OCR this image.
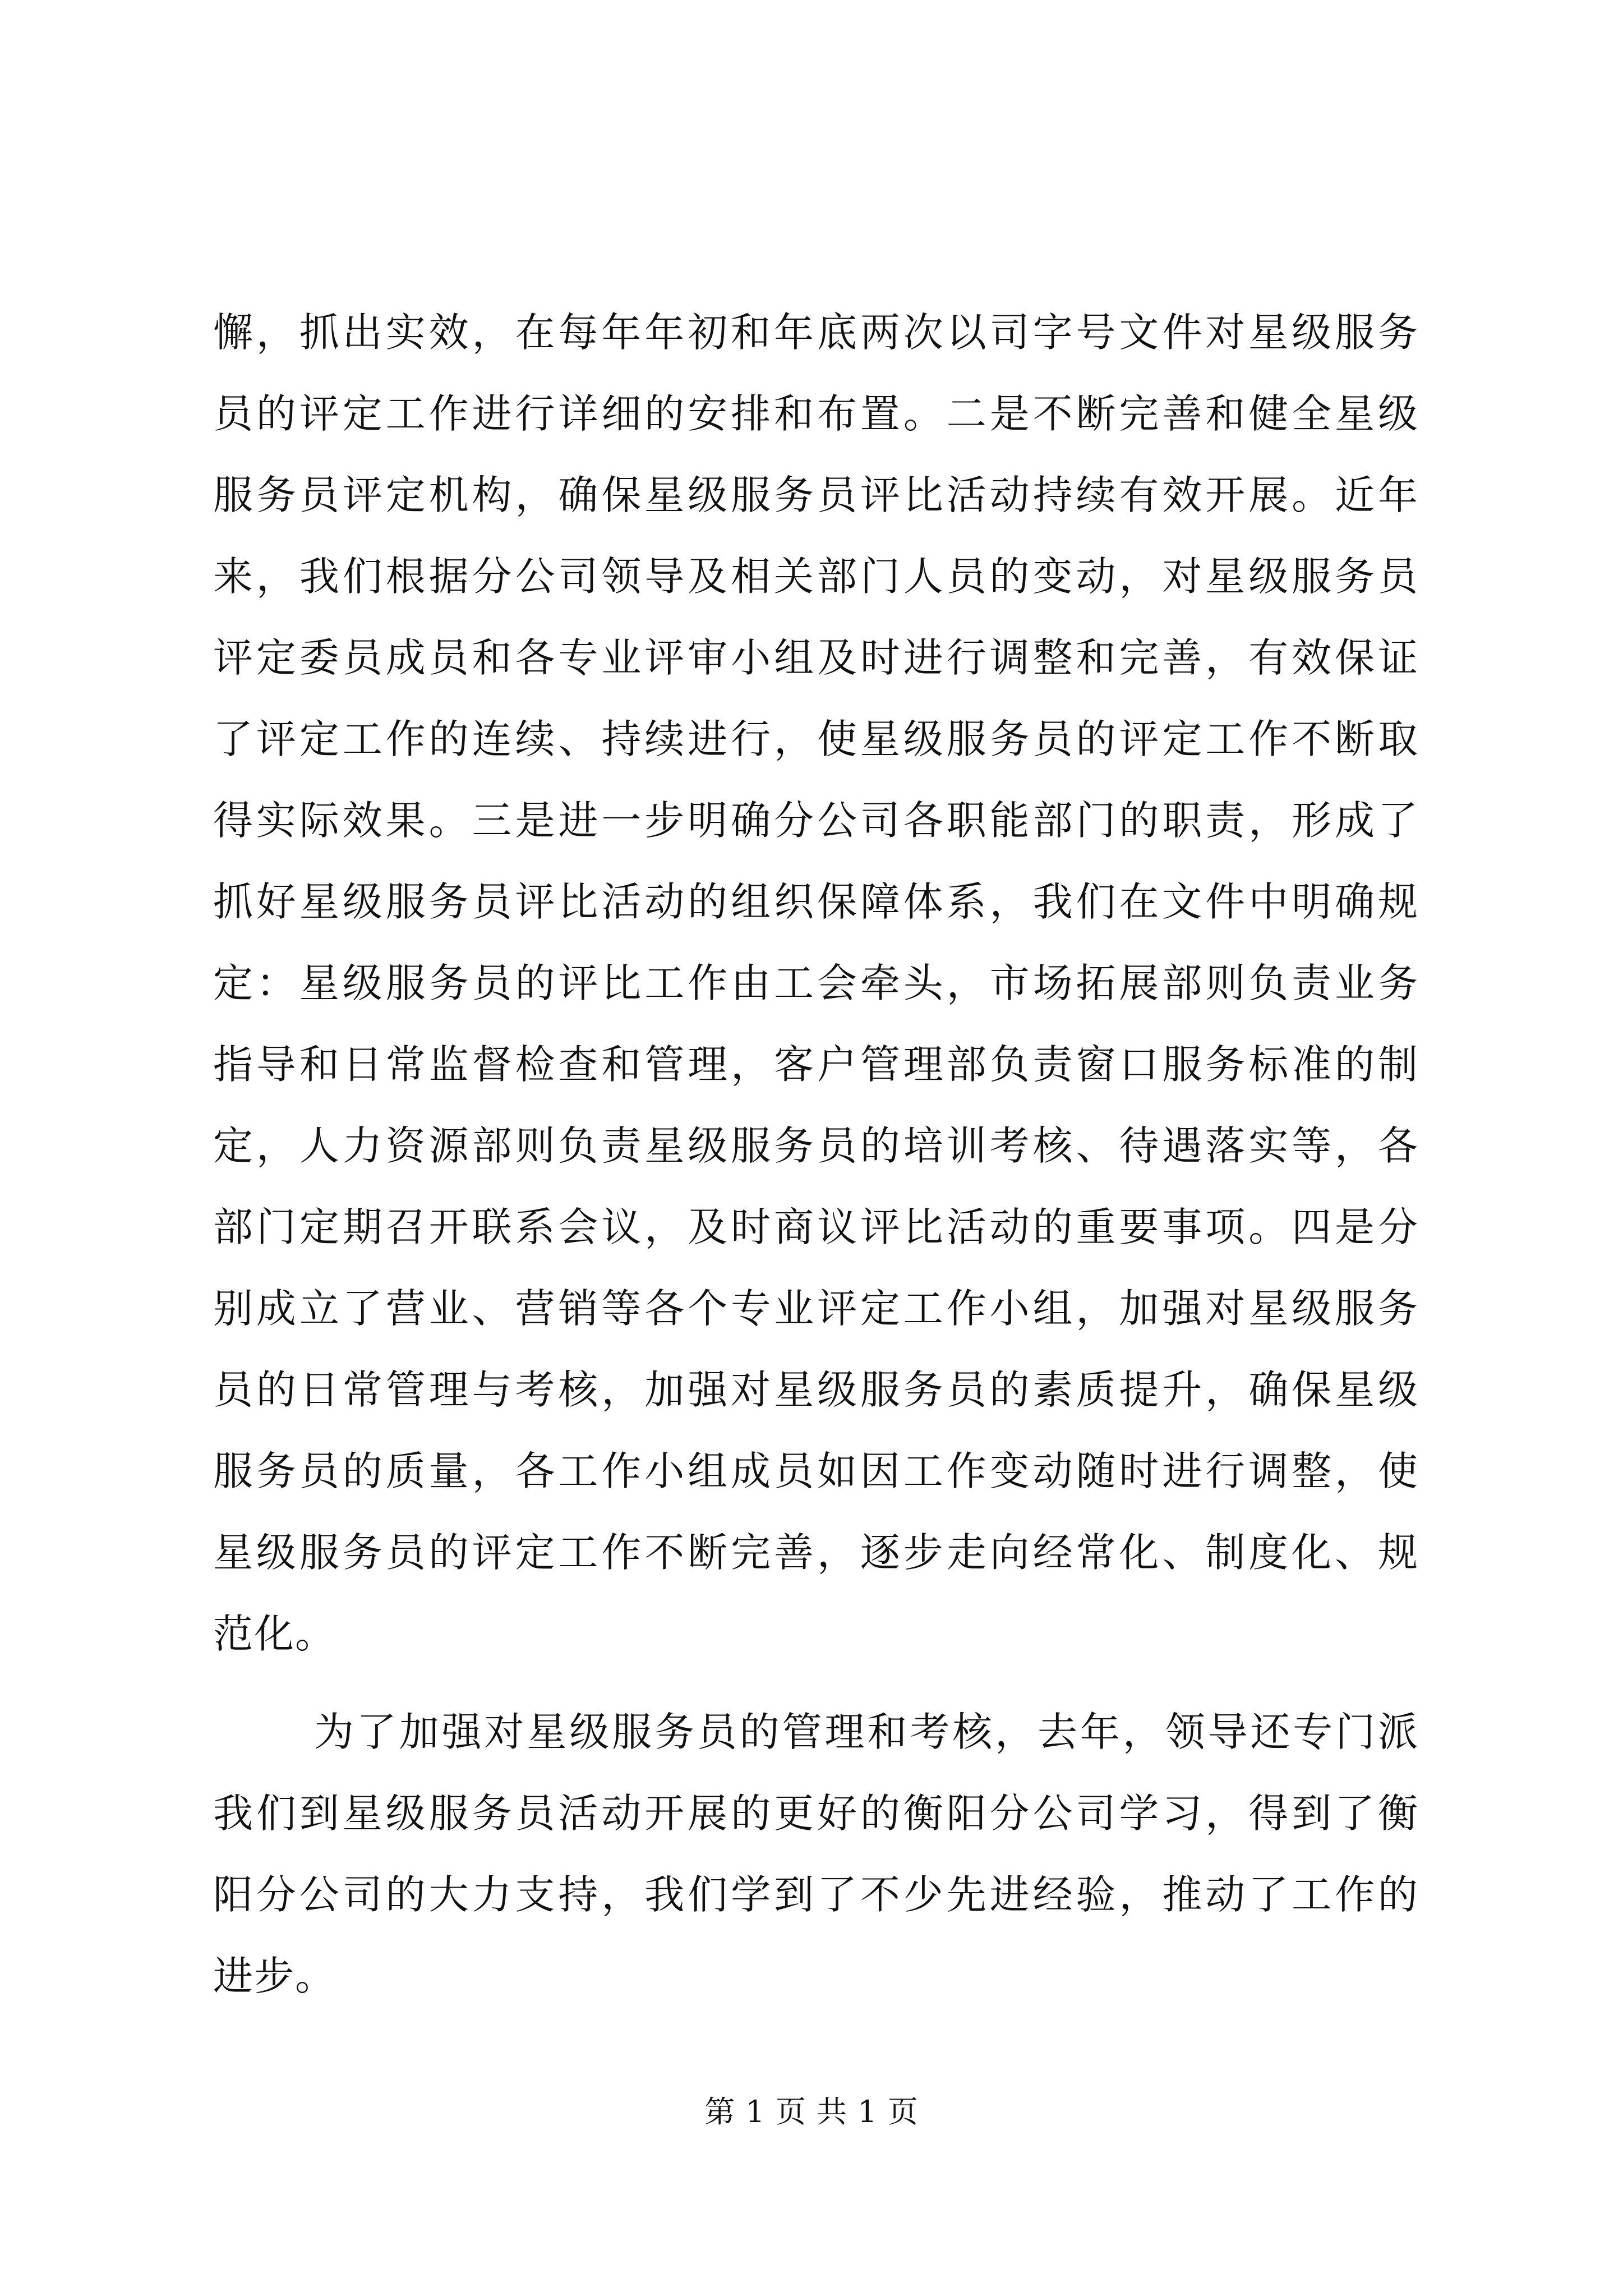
懈，抓出实效，在每年年初和年底两次以司字号文件对星级服务
员的评定工作进行详细的安排和布置。二是不断完善和健全星级
服务员评定机构，确保星级服务员评比活动持续有效开展。近年
来，我们根据分公司领导及相关部门人员的变动，对星级服务员
评定委员成员和各专业评审小组及时进行调整和完善，有效保证
了评定工作的连续、持续进行，使星级服务员的评定工作不断取
得实际效果。三是进一步明确分公司各职能部门的职责，形成了
抓好星级服务员评比活动的组织保障体系，我们在文件中明确规
定：星级服务员的评比工作由工会牵头，市场拓展部则负责业务
指导和日常监督检查和管理，客户管理部负责窗口服务标准的制
定，人力资源部则负责星级服务员的培训考核、待遇落实等，各
部门定期召开联系会议，及时商议评比活动的重要事项。四是分
别成立了营业、营销等各个专业评定工作小组，加强对星级服务
员的日常管理与考核，加强对星级服务员的素质提升，确保星级
服务员的质量，各工作小组成员如因工作变动随时进行调整，使
星级服务员的评定工作不断完善，逐步走向经常化、制度化、规
范化。
为了加强对星级服务员的管理和考核，去年，领导还专门派
我们到星级服务员活动开展的更好的衡阳分公司学习，得到了衡
阳分公司的大力支持，我们学到了不少先进经验，推动了工作的
进步。
第 1 页 共 1 页
